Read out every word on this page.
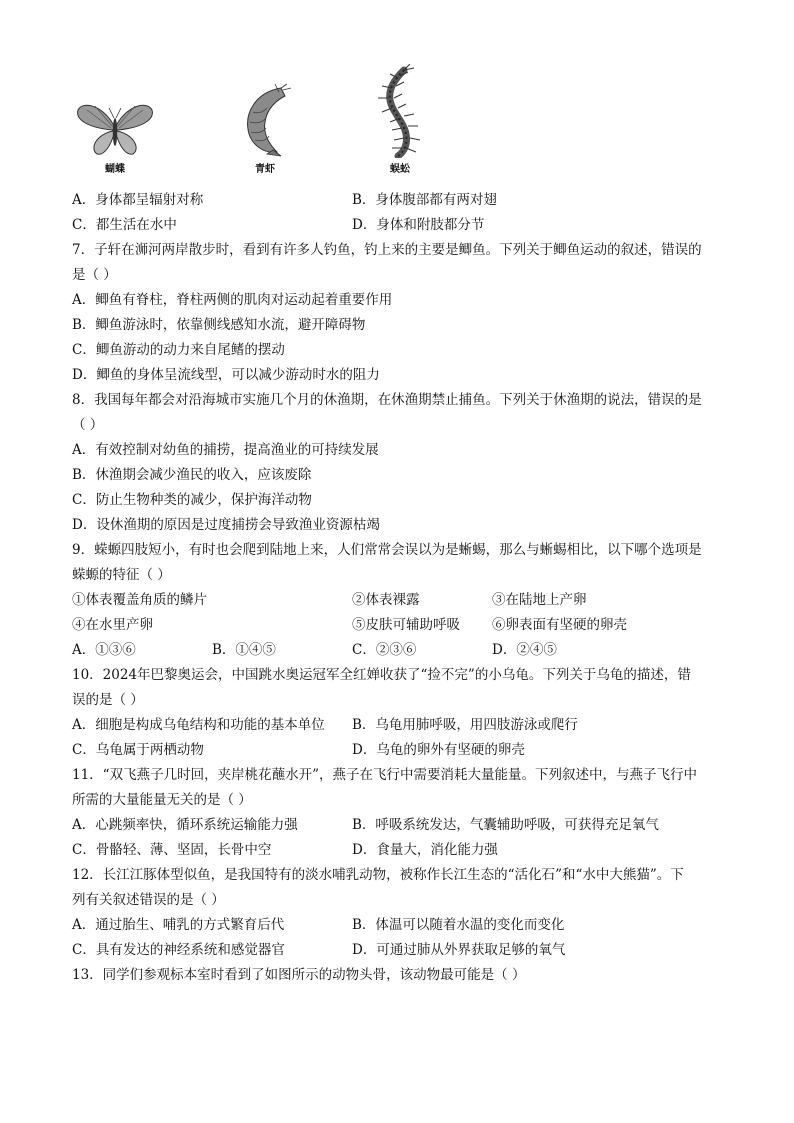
蝴蝶	青虾	蜈蚣
A．身体都呈辐射对称	B．身体腹部都有两对翅
C．都生活在水中	D．身体和附肢都分节
7．子轩在浉河两岸散步时，看到有许多人钓鱼，钓上来的主要是鲫鱼。下列关于鲫鱼运动的叙述，错误的
是（ ）
A．鲫鱼有脊柱，脊柱两侧的肌肉对运动起着重要作用
B．鲫鱼游泳时，依靠侧线感知水流，避开障碍物
C．鲫鱼游动的动力来自尾鳍的摆动
D．鲫鱼的身体呈流线型，可以减少游动时水的阻力
8．我国每年都会对沿海城市实施几个月的休渔期，在休渔期禁止捕鱼。下列关于休渔期的说法，错误的是
（ ）
A．有效控制对幼鱼的捕捞，提高渔业的可持续发展
B．休渔期会减少渔民的收入，应该废除
C．防止生物种类的减少，保护海洋动物
D．设休渔期的原因是过度捕捞会导致渔业资源枯竭
9．蝾螈四肢短小，有时也会爬到陆地上来，人们常常会误以为是蜥蜴，那么与蜥蜴相比，以下哪个选项是
蝾螈的特征（ ）
①体表覆盖角质的鳞片	②体表裸露	③在陆地上产卵
④在水里产卵	⑤皮肤可辅助呼吸	⑥卵表面有坚硬的卵壳
A．①③⑥	B．①④⑤	C．②③⑥	D．②④⑤
10．2024年巴黎奥运会，中国跳水奥运冠军全红婵收获了“捡不完”的小乌龟。下列关于乌龟的描述，错
误的是（ ）
A．细胞是构成乌龟结构和功能的基本单位	B．乌龟用肺呼吸，用四肢游泳或爬行
C．乌龟属于两栖动物	D．乌龟的卵外有坚硬的卵壳
11．“双飞燕子几时回，夹岸桃花蘸水开”，燕子在飞行中需要消耗大量能量。下列叙述中，与燕子飞行中
所需的大量能量无关的是（ ）
A．心跳频率快，循环系统运输能力强	B．呼吸系统发达，气囊辅助呼吸，可获得充足氧气
C．骨骼轻、薄、坚固，长骨中空	D．食量大，消化能力强
12．长江江豚体型似鱼，是我国特有的淡水哺乳动物，被称作长江生态的“活化石”和“水中大熊猫”。下
列有关叙述错误的是（ ）
A．通过胎生、哺乳的方式繁育后代	B．体温可以随着水温的变化而变化
C．具有发达的神经系统和感觉器官	D．可通过肺从外界获取足够的氧气
13．同学们参观标本室时看到了如图所示的动物头骨，该动物最可能是（ ）
